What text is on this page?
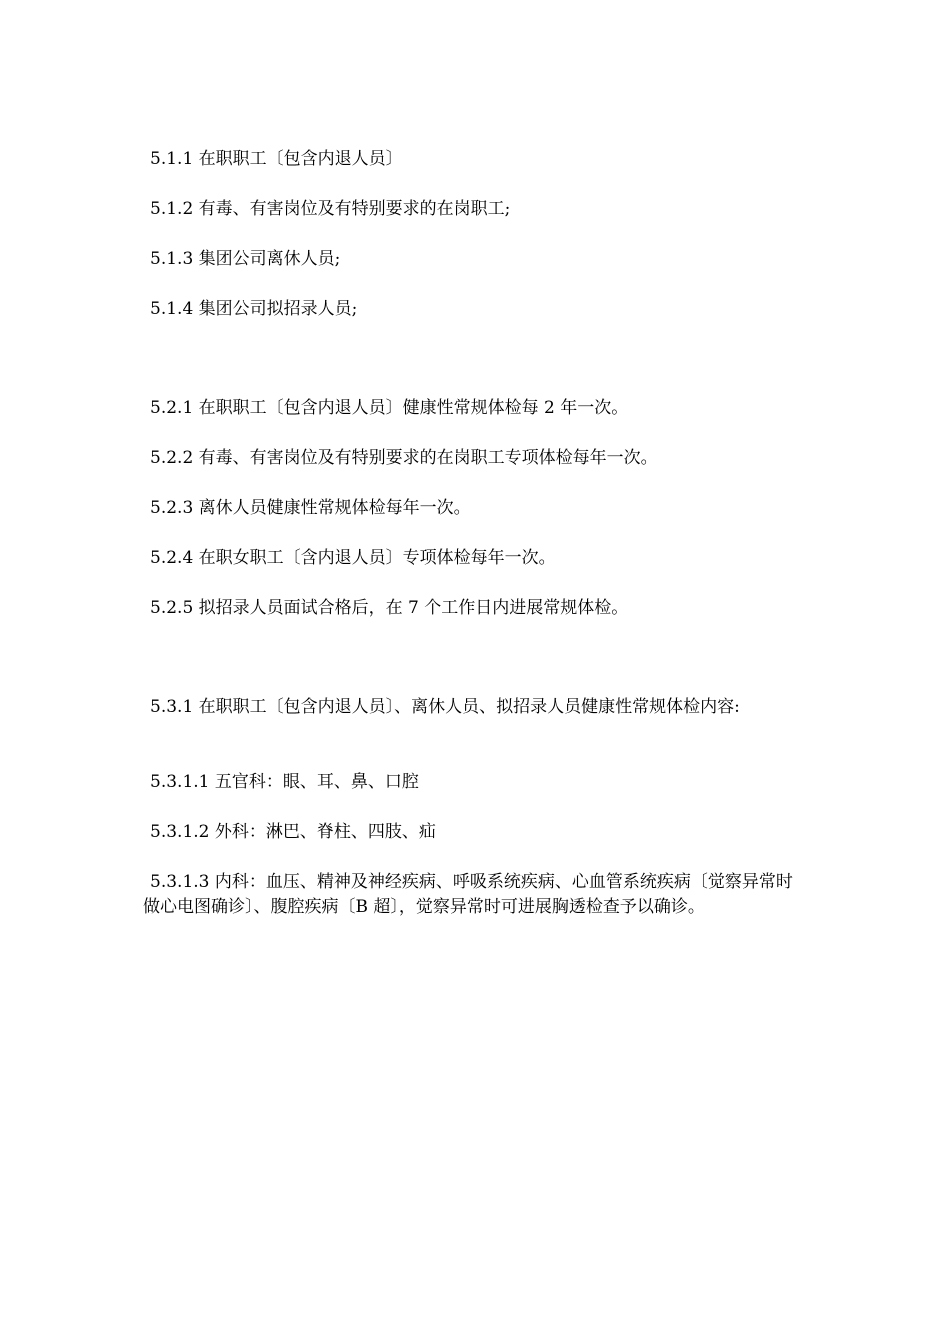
5.1.1 在职职工〔包含内退人员〕

5.1.2 有毒、有害岗位及有特别要求的在岗职工;

5.1.3 集团公司离休人员;

5.1.4 集团公司拟招录人员;

5.2.1 在职职工〔包含内退人员〕健康性常规体检每 2 年一次。

5.2.2 有毒、有害岗位及有特别要求的在岗职工专项体检每年一次。

5.2.3 离休人员健康性常规体检每年一次。

5.2.4 在职女职工〔含内退人员〕专项体检每年一次。

5.2.5 拟招录人员面试合格后，在 7 个工作日内进展常规体检。

5.3.1 在职职工〔包含内退人员〕、离休人员、拟招录人员健康性常规体检内容:

5.3.1.1 五官科：眼、耳、鼻、口腔

5.3.1.2 外科：淋巴、脊柱、四肢、疝

5.3.1.3 内科：血压、精神及神经疾病、呼吸系统疾病、心血管系统疾病〔觉察异常时做心电图确诊〕、腹腔疾病〔B 超〕，觉察异常时可进展胸透检查予以确诊。
